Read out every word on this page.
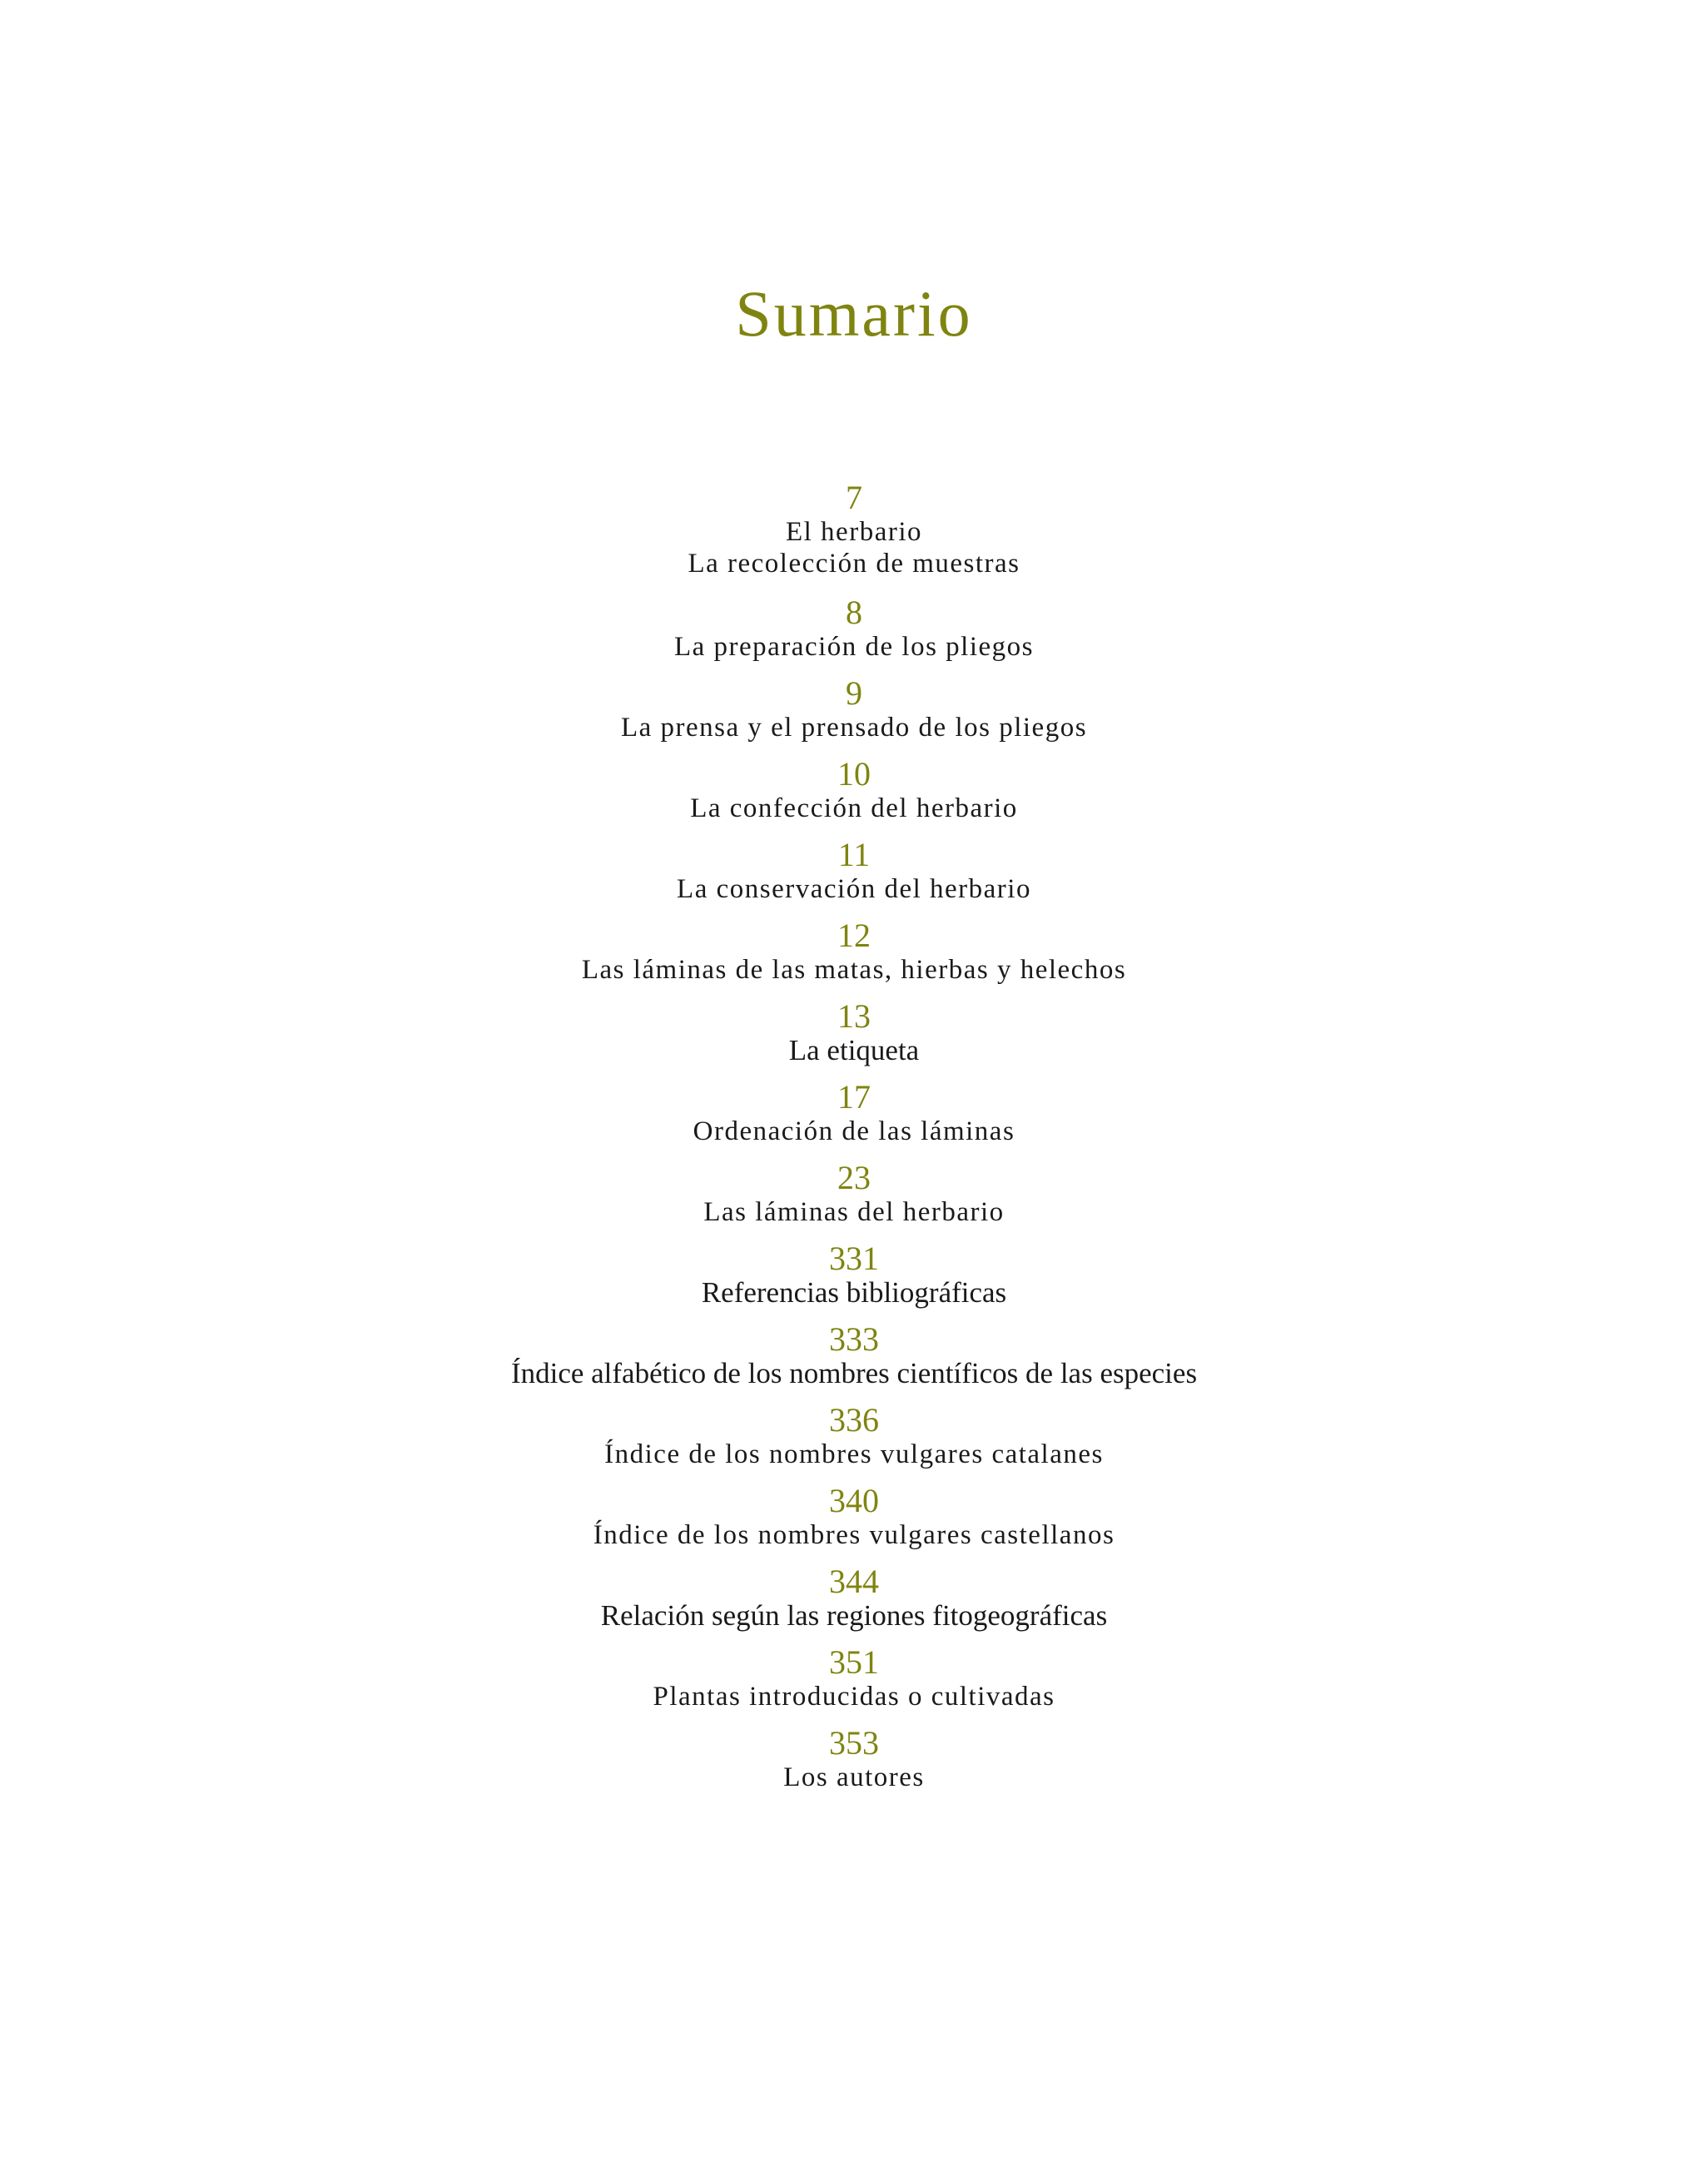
Sumario
7
El herbario
La recolección de muestras
8
La preparación de los pliegos
9
La prensa y el prensado de los pliegos
10
La confección del herbario
11
La conservación del herbario
12
Las láminas de las matas, hierbas y helechos
13
La etiqueta
17
Ordenación de las láminas
23
Las láminas del herbario
331
Referencias bibliográficas
333
Índice alfabético de los nombres científicos de las especies
336
Índice de los nombres vulgares catalanes
340
Índice de los nombres vulgares castellanos
344
Relación según las regiones fitogeográficas
351
Plantas introducidas o cultivadas
353
Los autores
